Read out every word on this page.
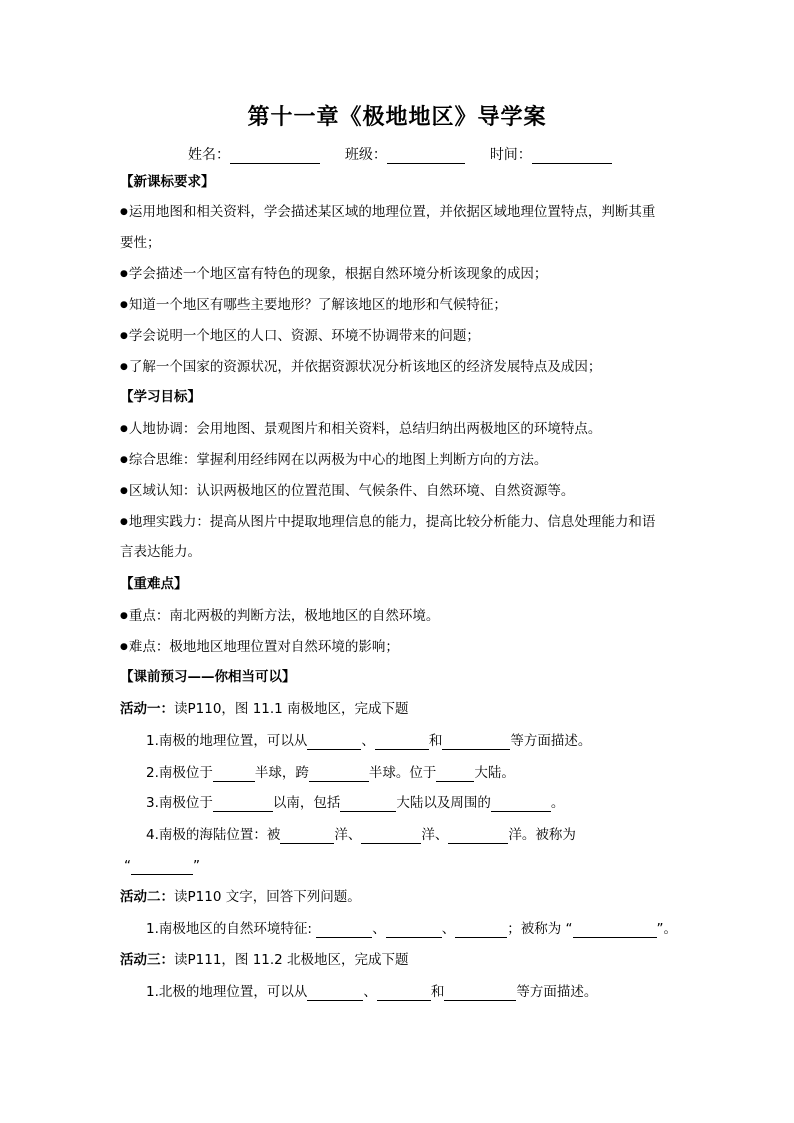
第十一章《极地地区》导学案
姓名：	班级：	时间：
【新课标要求】
●运用地图和相关资料，学会描述某区域的地理位置，并依据区域地理位置特点，判断其重
要性；
●学会描述一个地区富有特色的现象，根据自然环境分析该现象的成因；
●知道一个地区有哪些主要地形？了解该地区的地形和气候特征；
●学会说明一个地区的人口、资源、环境不协调带来的问题；
●了解一个国家的资源状况，并依据资源状况分析该地区的经济发展特点及成因；
【学习目标】
●人地协调：会用地图、景观图片和相关资料，总结归纳出两极地区的环境特点。
●综合思维：掌握利用经纬网在以两极为中心的地图上判断方向的方法。
●区域认知：认识两极地区的位置范围、气候条件、自然环境、自然资源等。
●地理实践力：提高从图片中提取地理信息的能力，提高比较分析能力、信息处理能力和语
言表达能力。
【重难点】
●重点：南北两极的判断方法，极地地区的自然环境。
●难点：极地地区地理位置对自然环境的影响；
【课前预习——你相当可以】
活动一：读P110，图 11.1 南极地区，完成下题
1.南极的地理位置，可以从	、	和	等方面描述。
2.南极位于	半球，跨	半球。位于	大陆。
3.南极位于	以南，包括	大陆以及周围的	。
4.南极的海陆位置：被	洋、	洋、	洋。被称为
“	”
活动二：读P110 文字，回答下列问题。
1.南极地区的自然环境特征:	、	、	；被称为 “	”。
活动三：读P111，图 11.2 北极地区，完成下题
1.北极的地理位置，可以从	、	和	等方面描述。
